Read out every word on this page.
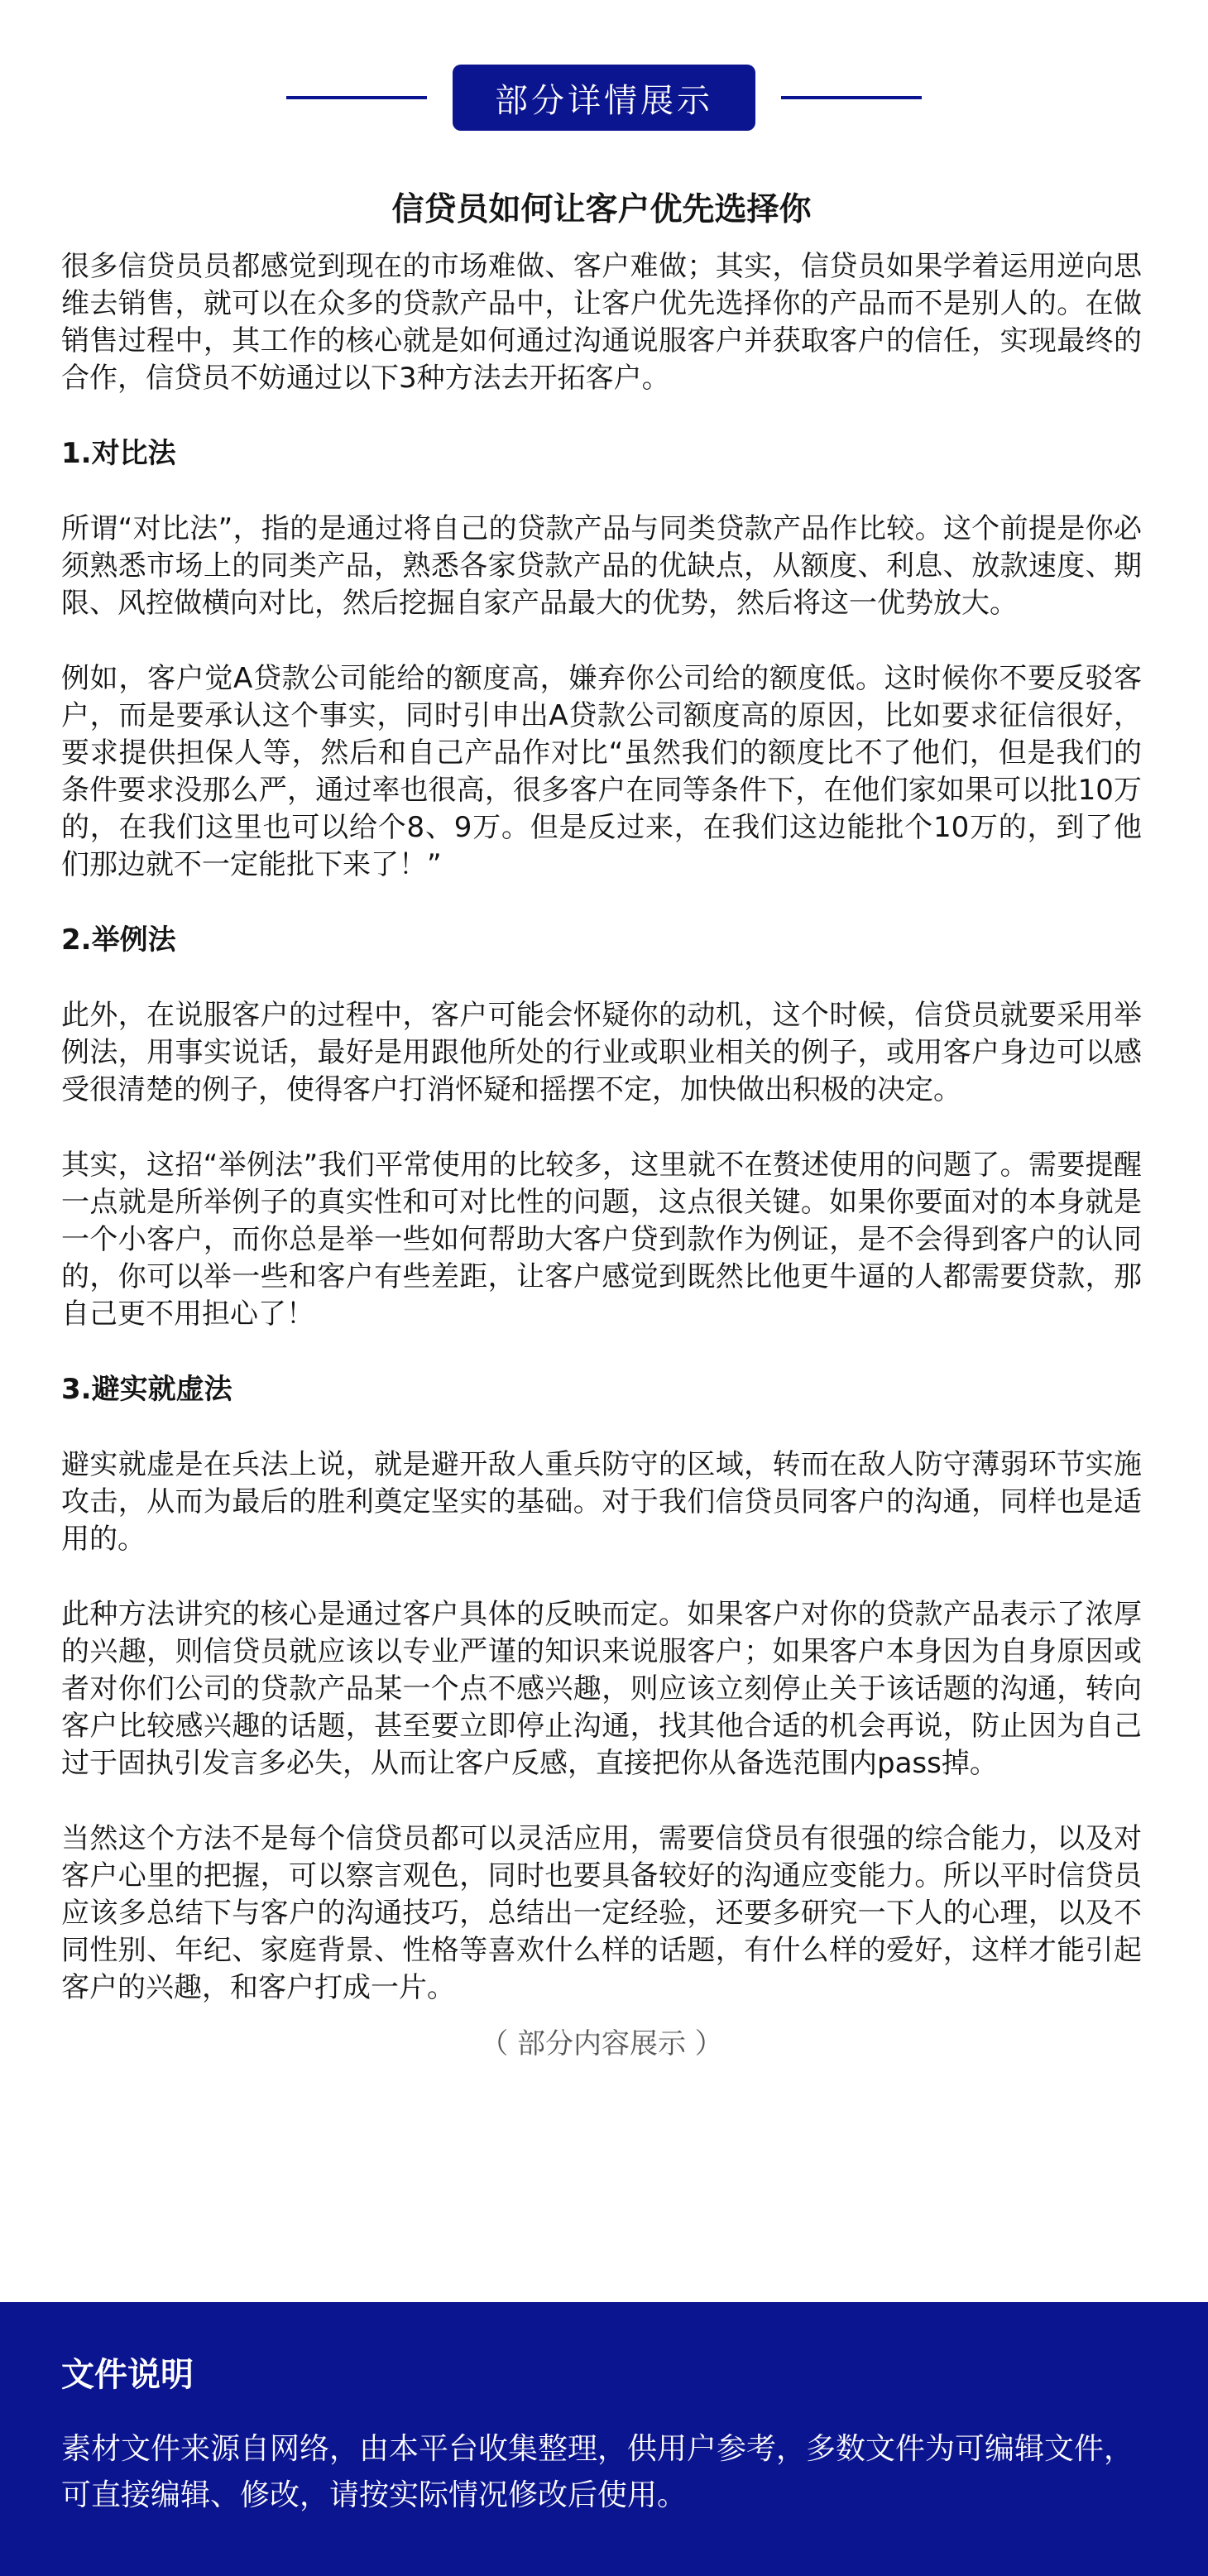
部分详情展示
信贷员如何让客户优先选择你

很多信贷员员都感觉到现在的市场难做、客户难做；其实，信贷员如果学着运用逆向思维去销售，就可以在众多的贷款产品中，让客户优先选择你的产品而不是别人的。在做销售过程中，其工作的核心就是如何通过沟通说服客户并获取客户的信任，实现最终的合作，信贷员不妨通过以下3种方法去开拓客户。

1.对比法

所谓“对比法”，指的是通过将自己的贷款产品与同类贷款产品作比较。这个前提是你必须熟悉市场上的同类产品，熟悉各家贷款产品的优缺点，从额度、利息、放款速度、期限、风控做横向对比，然后挖掘自家产品最大的优势，然后将这一优势放大。

例如，客户觉A贷款公司能给的额度高，嫌弃你公司给的额度低。这时候你不要反驳客户，而是要承认这个事实，同时引申出A贷款公司额度高的原因，比如要求征信很好，要求提供担保人等，然后和自己产品作对比“虽然我们的额度比不了他们，但是我们的条件要求没那么严，通过率也很高，很多客户在同等条件下，在他们家如果可以批10万的，在我们这里也可以给个8、9万。但是反过来，在我们这边能批个10万的，到了他们那边就不一定能批下来了！”

2.举例法

此外，在说服客户的过程中，客户可能会怀疑你的动机，这个时候，信贷员就要采用举例法，用事实说话，最好是用跟他所处的行业或职业相关的例子，或用客户身边可以感受很清楚的例子，使得客户打消怀疑和摇摆不定，加快做出积极的决定。

其实，这招“举例法”我们平常使用的比较多，这里就不在赘述使用的问题了。需要提醒一点就是所举例子的真实性和可对比性的问题，这点很关键。如果你要面对的本身就是一个小客户，而你总是举一些如何帮助大客户贷到款作为例证，是不会得到客户的认同的，你可以举一些和客户有些差距，让客户感觉到既然比他更牛逼的人都需要贷款，那自己更不用担心了！

3.避实就虚法

避实就虚是在兵法上说，就是避开敌人重兵防守的区域，转而在敌人防守薄弱环节实施攻击，从而为最后的胜利奠定坚实的基础。对于我们信贷员同客户的沟通，同样也是适用的。

此种方法讲究的核心是通过客户具体的反映而定。如果客户对你的贷款产品表示了浓厚的兴趣，则信贷员就应该以专业严谨的知识来说服客户；如果客户本身因为自身原因或者对你们公司的贷款产品某一个点不感兴趣，则应该立刻停止关于该话题的沟通，转向客户比较感兴趣的话题，甚至要立即停止沟通，找其他合适的机会再说，防止因为自己过于固执引发言多必失，从而让客户反感，直接把你从备选范围内pass掉。

当然这个方法不是每个信贷员都可以灵活应用，需要信贷员有很强的综合能力，以及对客户心里的把握，可以察言观色，同时也要具备较好的沟通应变能力。所以平时信贷员应该多总结下与客户的沟通技巧，总结出一定经验，还要多研究一下人的心理，以及不同性别、年纪、家庭背景、性格等喜欢什么样的话题，有什么样的爱好，这样才能引起客户的兴趣，和客户打成一片。

（ 部分内容展示 ）
文件说明
素材文件来源自网络，由本平台收集整理，供用户参考，多数文件为可编辑文件，可直接编辑、修改，请按实际情况修改后使用。
